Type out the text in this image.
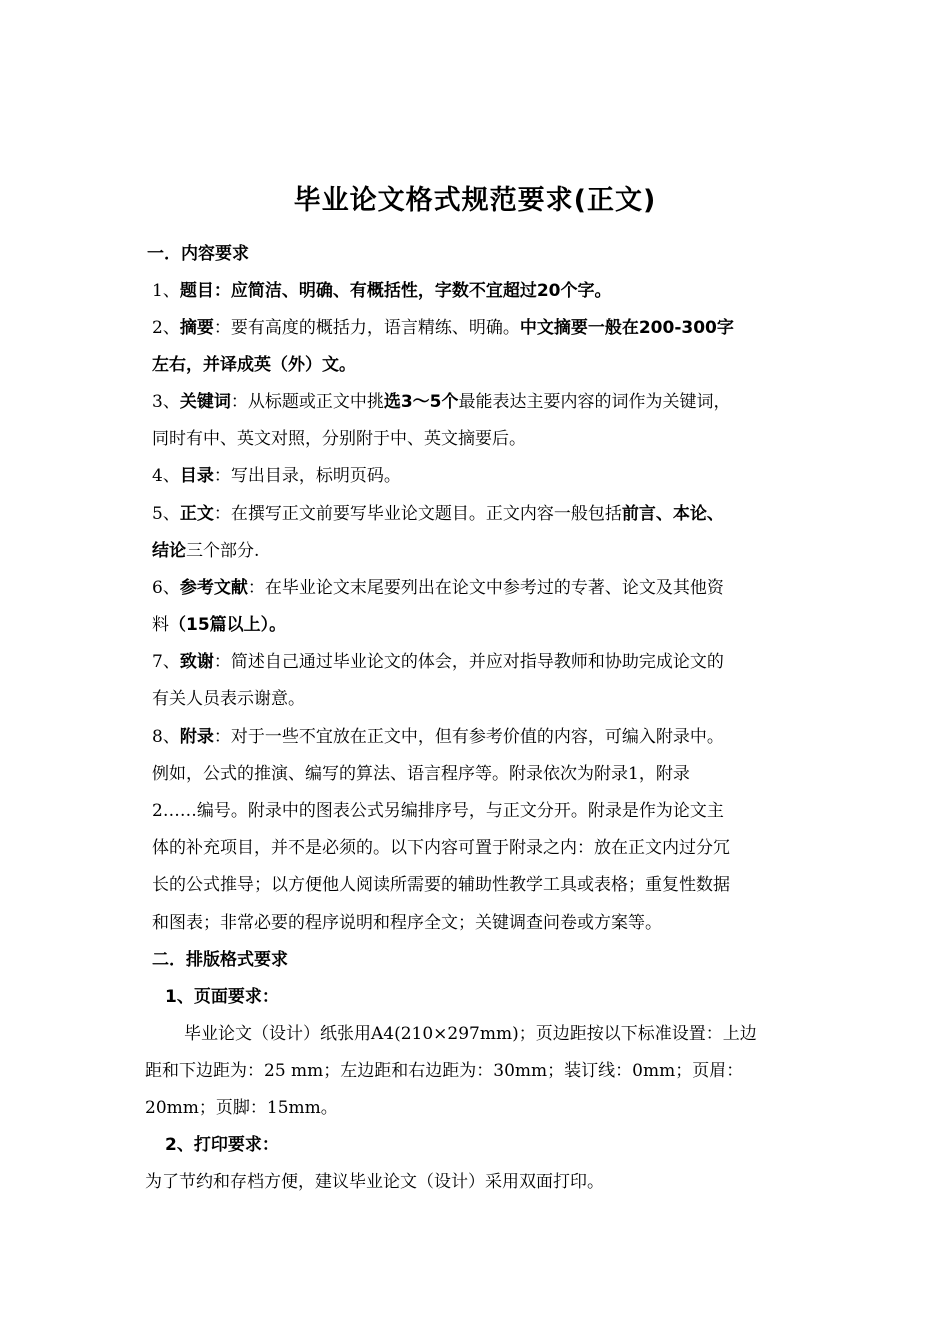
毕业论文格式规范要求(正文)
一．内容要求
1、题目：应简洁、明确、有概括性，字数不宜超过20个字。
2、摘要：要有高度的概括力，语言精练、明确。中文摘要一般在200-300字
左右，并译成英（外）文。
3、关键词：从标题或正文中挑选3～5个最能表达主要内容的词作为关键词，
同时有中、英文对照，分别附于中、英文摘要后。
4、目录：写出目录，标明页码。
5、正文：在撰写正文前要写毕业论文题目。正文内容一般包括前言、本论、
结论三个部分.
6、参考文献：在毕业论文末尾要列出在论文中参考过的专著、论文及其他资
料（15篇以上）。
7、致谢：简述自己通过毕业论文的体会，并应对指导教师和协助完成论文的
有关人员表示谢意。
8、附录：对于一些不宜放在正文中，但有参考价值的内容，可编入附录中。
例如，公式的推演、编写的算法、语言程序等。附录依次为附录1，附录
2……编号。附录中的图表公式另编排序号，与正文分开。附录是作为论文主
体的补充项目，并不是必须的。以下内容可置于附录之内：放在正文内过分冗
长的公式推导；以方便他人阅读所需要的辅助性教学工具或表格；重复性数据
和图表；非常必要的程序说明和程序全文；关键调查问卷或方案等。
二．排版格式要求
1、页面要求：
毕业论文（设计）纸张用A4(210×297mm)；页边距按以下标准设置：上边
距和下边距为：25 mm；左边距和右边距为：30mm；装订线：0mm；页眉：
20mm；页脚：15mm。
2、打印要求：
为了节约和存档方便，建议毕业论文（设计）采用双面打印。
